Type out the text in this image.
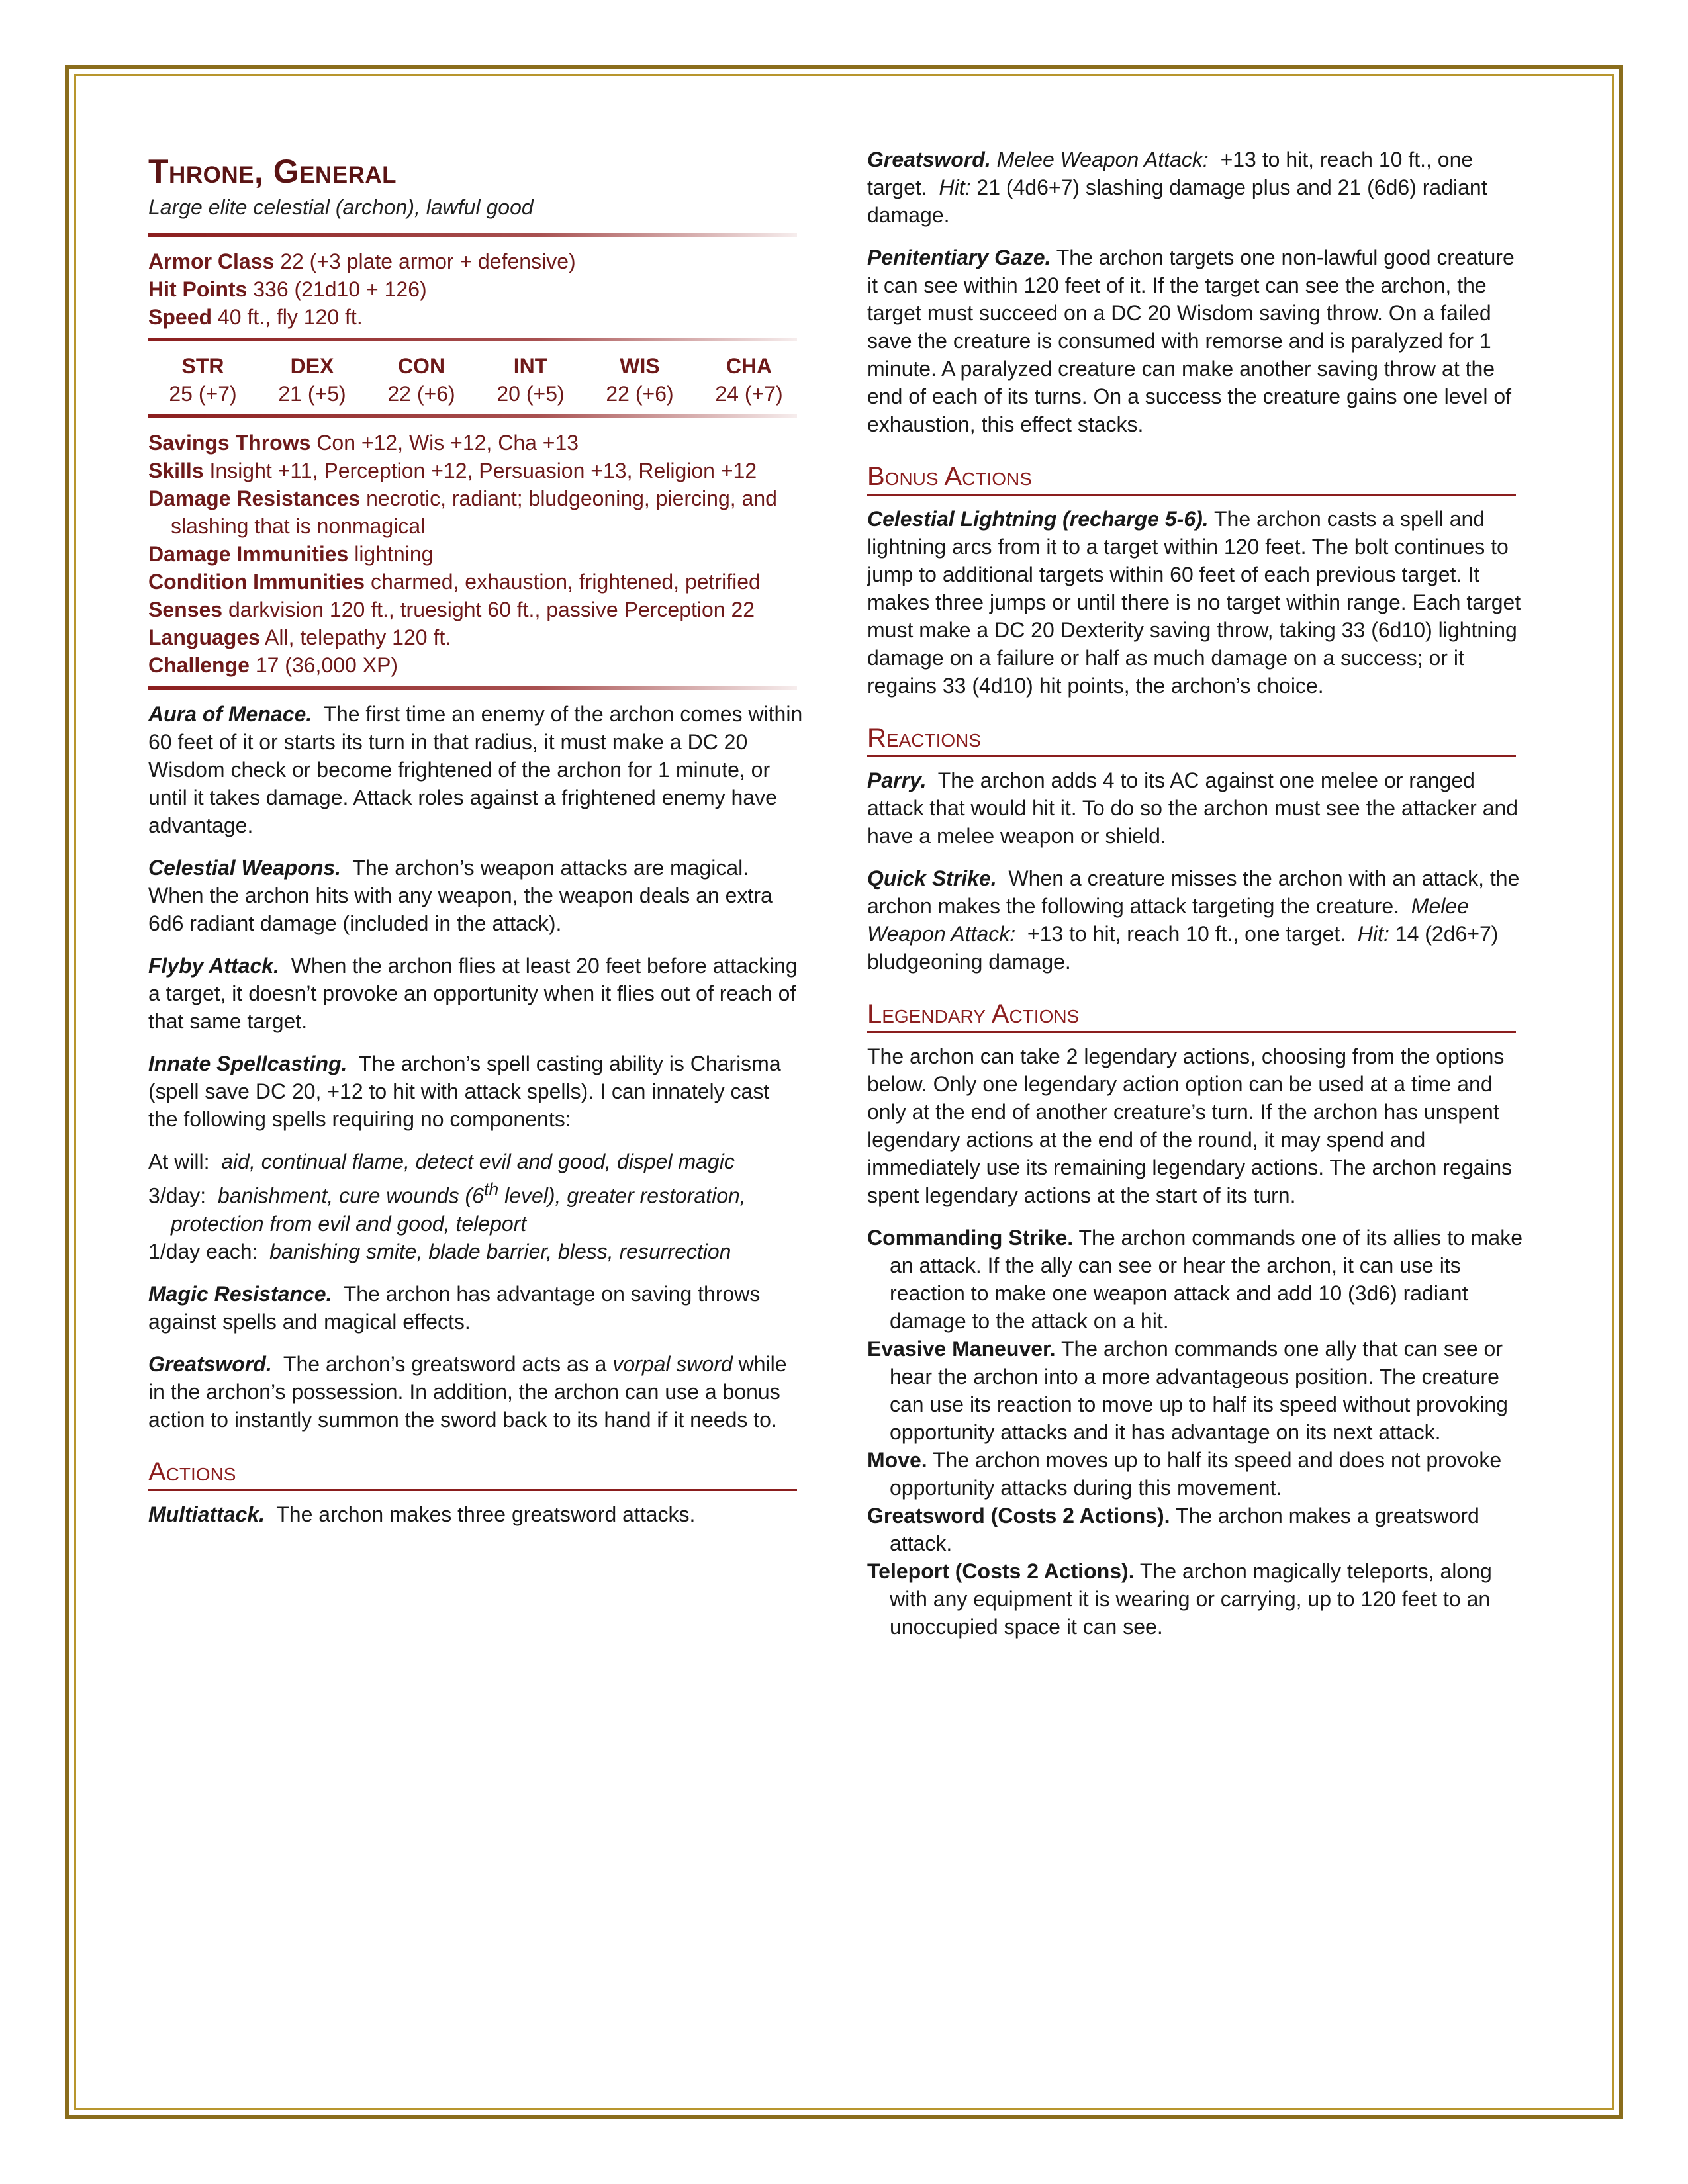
Throne, General
Large elite celestial (archon), lawful good

Armor Class 22 (+3 plate armor + defensive)

Hit Points 336 (21d10 + 126)

Speed 40 ft., fly 120 ft.

STR	DEX	CON	INT	WIS	CHA
25 (+7)	21 (+5)	22 (+6)	20 (+5)	22 (+6)	24 (+7)

Savings Throws Con +12, Wis +12, Cha +13

Skills Insight +11, Perception +12, Persuasion +13, Religion +12

Damage Resistances necrotic, radiant; bludgeoning, piercing, and slashing that is nonmagical

Damage Immunities lightning

Condition Immunities charmed, exhaustion, frightened, petrified

Senses darkvision 120 ft., truesight 60 ft., passive Perception 22

Languages All, telepathy 120 ft.

Challenge 17 (36,000 XP)

Aura of Menace. The first time an enemy of the archon comes within 60 feet of it or starts its turn in that radius, it must make a DC 20 Wisdom check or become frightened of the archon for 1 minute, or until it takes damage. Attack roles against a frightened enemy have advantage.

Celestial Weapons. The archon’s weapon attacks are magical. When the archon hits with any weapon, the weapon deals an extra 6d6 radiant damage (included in the attack).

Flyby Attack. When the archon flies at least 20 feet before attacking a target, it doesn’t provoke an opportunity when it flies out of reach of that same target.

Innate Spellcasting. The archon’s spell casting ability is Charisma (spell save DC 20, +12 to hit with attack spells). I can innately cast the following spells requiring no components:

At will: aid, continual flame, detect evil and good, dispel magic

3/day: banishment, cure wounds (6th level), greater restoration, protection from evil and good, teleport

1/day each: banishing smite, blade barrier, bless, resurrection

Magic Resistance. The archon has advantage on saving throws against spells and magical effects.

Greatsword. The archon’s greatsword acts as a vorpal sword while in the archon’s possession. In addition, the archon can use a bonus action to instantly summon the sword back to its hand if it needs to.

Actions

Multiattack. The archon makes three greatsword attacks.

Greatsword. Melee Weapon Attack: +13 to hit, reach 10 ft., one target. Hit: 21 (4d6+7) slashing damage plus and 21 (6d6) radiant damage.

Penitentiary Gaze. The archon targets one non-lawful good creature it can see within 120 feet of it. If the target can see the archon, the target must succeed on a DC 20 Wisdom saving throw. On a failed save the creature is consumed with remorse and is paralyzed for 1 minute. A paralyzed creature can make another saving throw at the end of each of its turns. On a success the creature gains one level of exhaustion, this effect stacks.

Bonus Actions

Celestial Lightning (recharge 5-6). The archon casts a spell and lightning arcs from it to a target within 120 feet. The bolt continues to jump to additional targets within 60 feet of each previous target. It makes three jumps or until there is no target within range. Each target must make a DC 20 Dexterity saving throw, taking 33 (6d10) lightning damage on a failure or half as much damage on a success; or it regains 33 (4d10) hit points, the archon’s choice.

Reactions

Parry. The archon adds 4 to its AC against one melee or ranged attack that would hit it. To do so the archon must see the attacker and have a melee weapon or shield.

Quick Strike. When a creature misses the archon with an attack, the archon makes the following attack targeting the creature. Melee Weapon Attack: +13 to hit, reach 10 ft., one target. Hit: 14 (2d6+7) bludgeoning damage.

Legendary Actions

The archon can take 2 legendary actions, choosing from the options below. Only one legendary action option can be used at a time and only at the end of another creature’s turn. If the archon has unspent legendary actions at the end of the round, it may spend and immediately use its remaining legendary actions. The archon regains spent legendary actions at the start of its turn.

Commanding Strike. The archon commands one of its allies to make an attack. If the ally can see or hear the archon, it can use its reaction to make one weapon attack and add 10 (3d6) radiant damage to the attack on a hit.

Evasive Maneuver. The archon commands one ally that can see or hear the archon into a more advantageous position. The creature can use its reaction to move up to half its speed without provoking opportunity attacks and it has advantage on its next attack.

Move. The archon moves up to half its speed and does not provoke opportunity attacks during this movement.

Greatsword (Costs 2 Actions). The archon makes a greatsword attack.

Teleport (Costs 2 Actions). The archon magically teleports, along with any equipment it is wearing or carrying, up to 120 feet to an unoccupied space it can see.
